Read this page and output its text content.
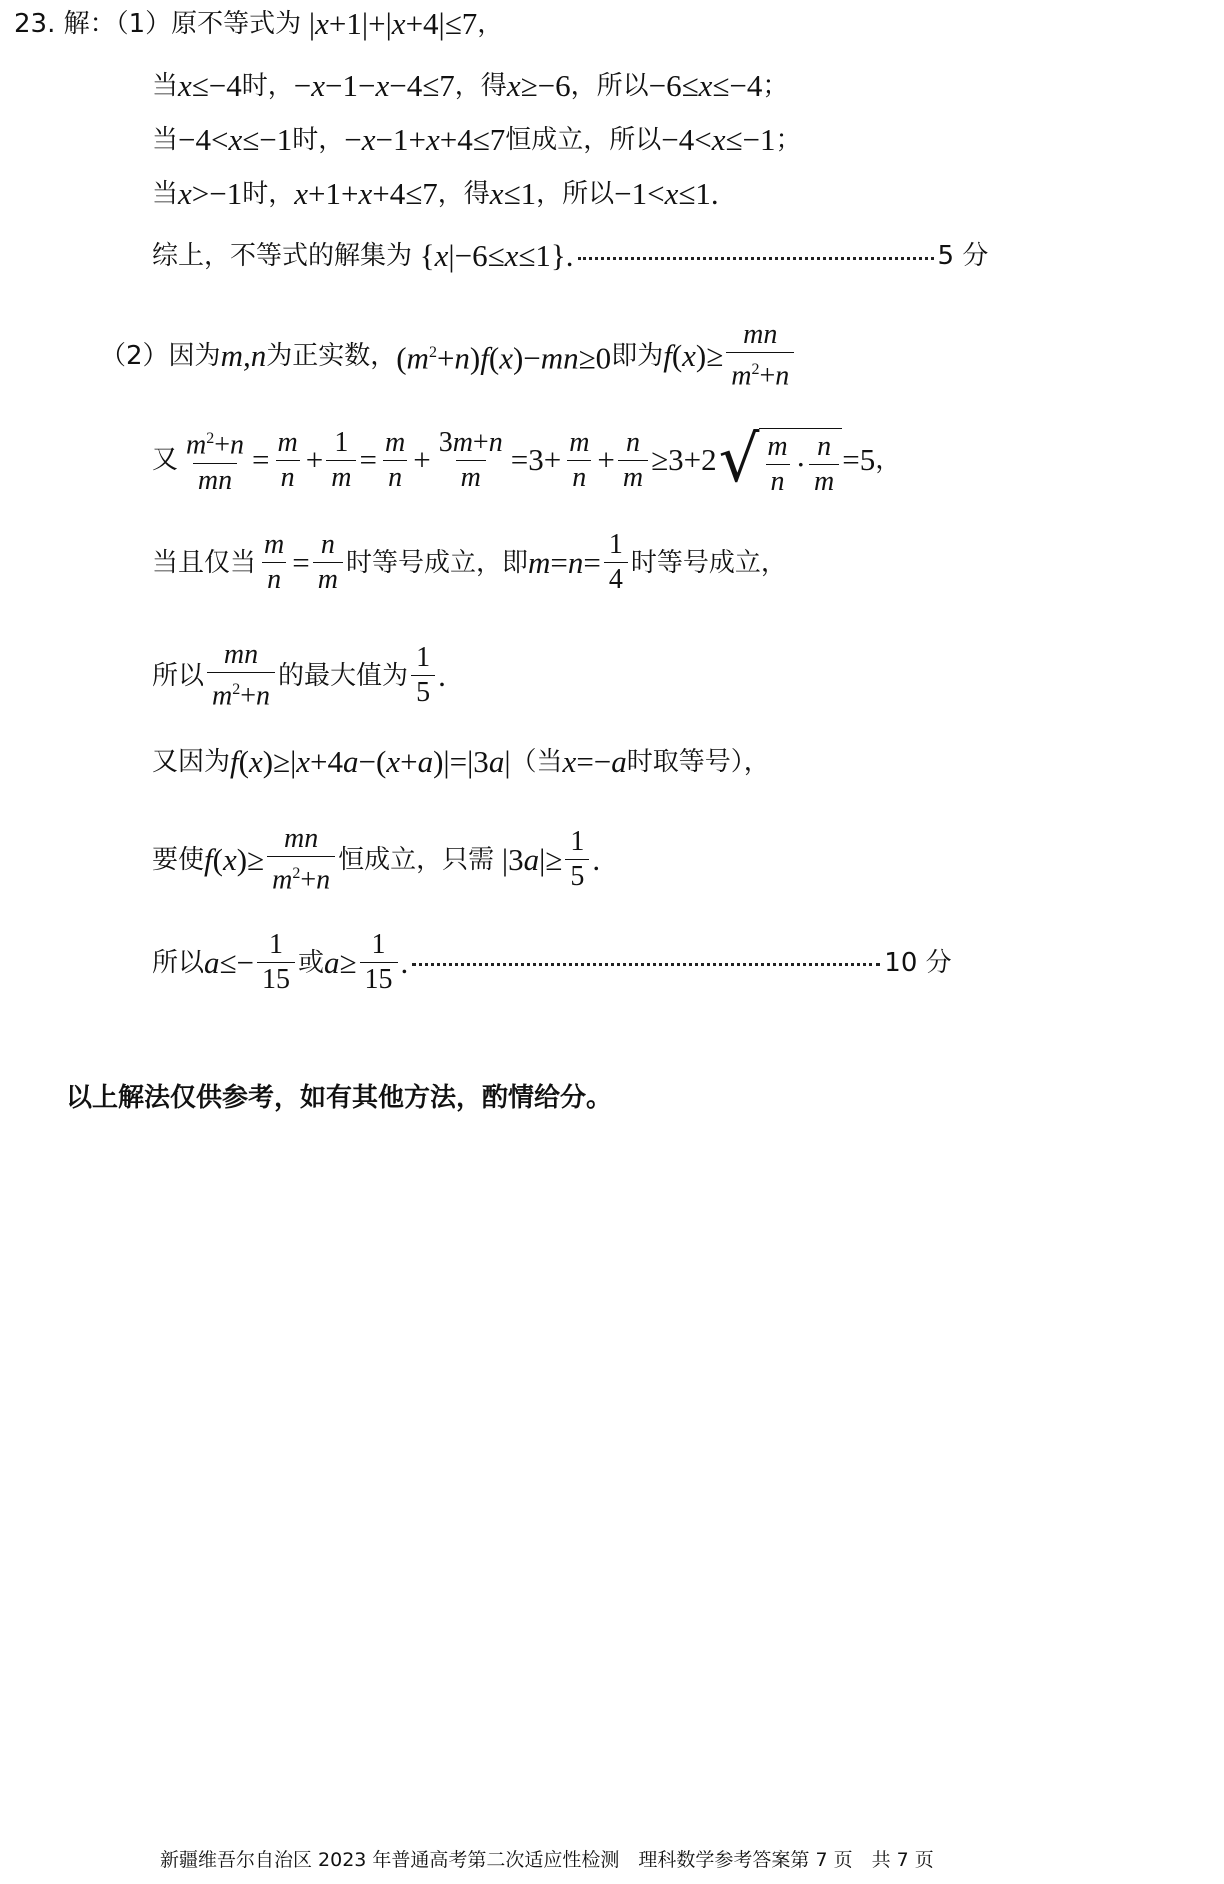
23. 解：（1） 原不等式为 |x+1|+|x+4|≤7 ，
当 x≤−4 时， −x−1−x−4≤7 ， 得 x≥−6 ， 所以 −6≤x≤−4 ；
当 −4<x≤−1 时， −x−1+x+4≤7 恒成立，所以 −4<x≤−1 ；
当 x>−1 时， x+1+x+4≤7 ， 得 x≤1 ， 所以 −1<x≤1 .
综上，不等式的解集为 {x|−6≤x≤1} .	5 分
（2） 因为 m,n 为正实数， $(m^2+n)f(x)-mn\ge 0$ 即为 $f(x)\ge \frac{mn}{m^2+n}$
又 $\frac{m^2+n}{mn} = \frac{m}{n} + \frac{1}{m} = \frac{m}{n} + \frac{3m+n}{m} =3+ \frac{m}{n} + \frac{n}{m} \ge 3+2$ √ $\frac{m}{n} \cdot \frac{n}{m} =5$ ，
当且仅当 $\frac{m}{n} = \frac{n}{m}$ 时等号成立，即 $m=n= \frac{1}{4}$ 时等号成立，
所以 $\frac{mn}{m^2+n}$ 的最大值为 $\frac{1}{5}$ .
又因为 f(x)≥|x+4a−(x+a)|=|3a| （当 x=−a 时取等号），
要使 $f(x)\ge \frac{mn}{m^2+n}$ 恒成立，只需 $|3a|\ge \frac{1}{5}$ .
所以 $a\le- \frac{1}{15}$ 或 $a\ge \frac{1}{15}$ .	10 分
以上解法仅供参考，如有其他方法，酌情给分。
新疆维吾尔自治区 2023 年普通高考第二次适应性检测　理科数学参考答案第 7 页　共 7 页
